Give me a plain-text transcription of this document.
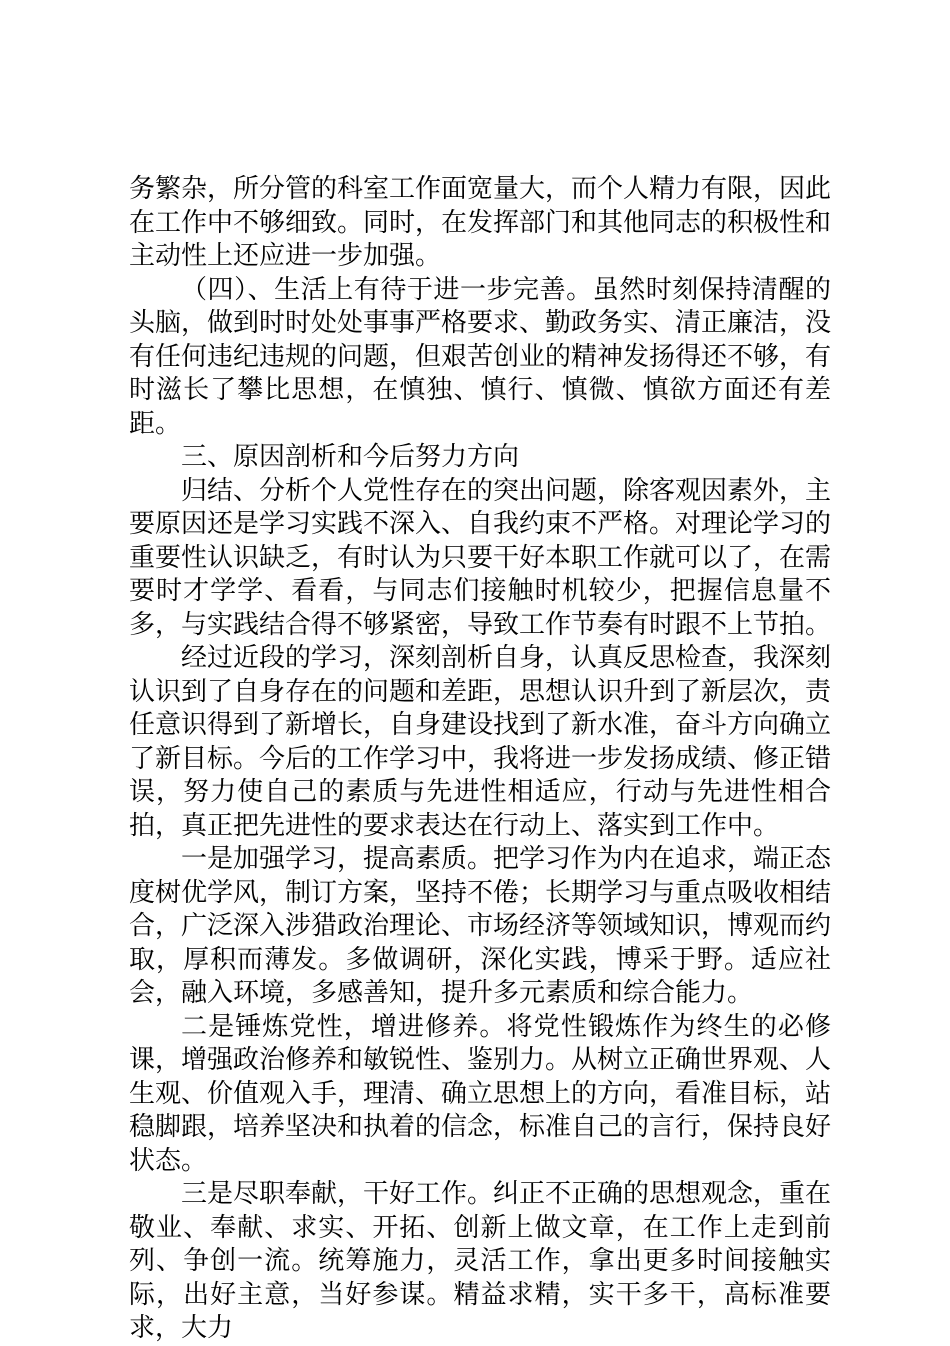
务繁杂，所分管的科室工作面宽量大，而个人精力有限，因此在工作中不够细致。同时，在发挥部门和其他同志的积极性和主动性上还应进一步加强。

（四）、生活上有待于进一步完善。虽然时刻保持清醒的头脑，做到时时处处事事严格要求、勤政务实、清正廉洁，没有任何违纪违规的问题，但艰苦创业的精神发扬得还不够，有时滋长了攀比思想，在慎独、慎行、慎微、慎欲方面还有差距。

三、原因剖析和今后努力方向

归结、分析个人党性存在的突出问题，除客观因素外，主要原因还是学习实践不深入、自我约束不严格。对理论学习的重要性认识缺乏，有时认为只要干好本职工作就可以了，在需要时才学学、看看，与同志们接触时机较少，把握信息量不多，与实践结合得不够紧密，导致工作节奏有时跟不上节拍。

经过近段的学习，深刻剖析自身，认真反思检查，我深刻认识到了自身存在的问题和差距，思想认识升到了新层次，责任意识得到了新增长，自身建设找到了新水准，奋斗方向确立了新目标。今后的工作学习中，我将进一步发扬成绩、修正错误，努力使自己的素质与先进性相适应，行动与先进性相合拍，真正把先进性的要求表达在行动上、落实到工作中。

一是加强学习，提高素质。把学习作为内在追求，端正态度树优学风，制订方案，坚持不倦；长期学习与重点吸收相结合，广泛深入涉猎政治理论、市场经济等领域知识，博观而约取，厚积而薄发。多做调研，深化实践，博采于野。适应社会，融入环境，多感善知，提升多元素质和综合能力。

二是锤炼党性，增进修养。将党性锻炼作为终生的必修课，增强政治修养和敏锐性、鉴别力。从树立正确世界观、人生观、价值观入手，理清、确立思想上的方向，看准目标，站稳脚跟，培养坚决和执着的信念，标准自己的言行，保持良好状态。

三是尽职奉献，干好工作。纠正不正确的思想观念，重在敬业、奉献、求实、开拓、创新上做文章，在工作上走到前列、争创一流。统筹施力，灵活工作，拿出更多时间接触实际，出好主意，当好参谋。精益求精，实干多干，高标准要求，大力
